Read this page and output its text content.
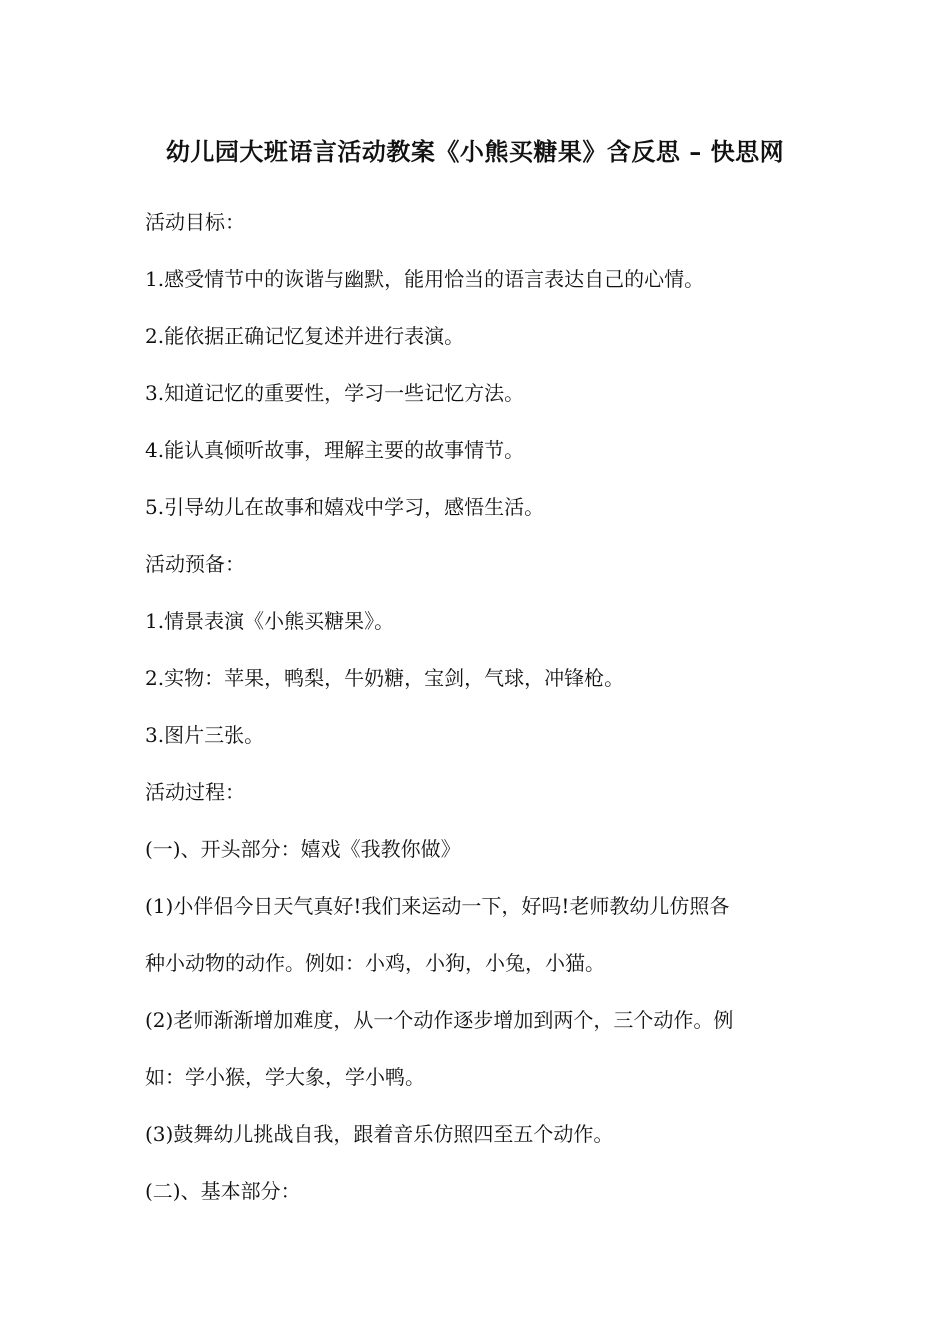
幼儿园大班语言活动教案《小熊买糖果》含反思 – 快思网
活动目标：
1.感受情节中的诙谐与幽默，能用恰当的语言表达自己的心情。
2.能依据正确记忆复述并进行表演。
3.知道记忆的重要性，学习一些记忆方法。
4.能认真倾听故事，理解主要的故事情节。
5.引导幼儿在故事和嬉戏中学习，感悟生活。
活动预备：
1.情景表演《小熊买糖果》。
2.实物：苹果，鸭梨，牛奶糖，宝剑，气球，冲锋枪。
3.图片三张。
活动过程：
(一)、开头部分：嬉戏《我教你做》
(1)小伴侣今日天气真好!我们来运动一下，好吗!老师教幼儿仿照各
种小动物的动作。例如：小鸡，小狗，小兔，小猫。
(2)老师渐渐增加难度，从一个动作逐步增加到两个，三个动作。例
如：学小猴，学大象，学小鸭。
(3)鼓舞幼儿挑战自我，跟着音乐仿照四至五个动作。
(二)、基本部分：
